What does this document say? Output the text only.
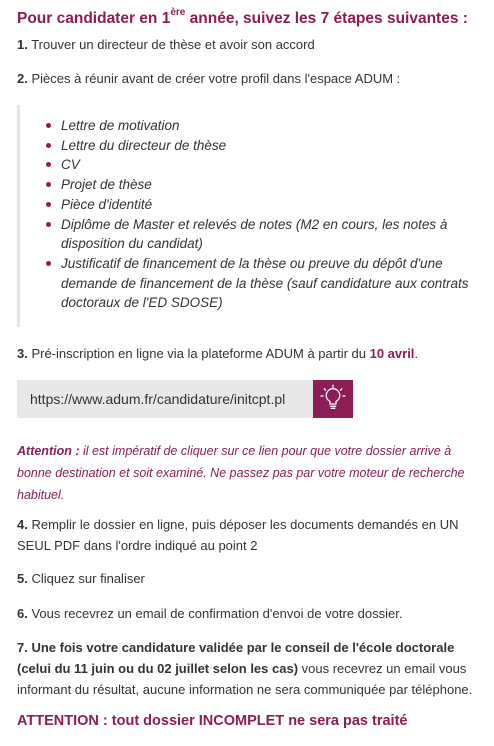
Pour candidater en 1ère année, suivez les 7 étapes suivantes :

1. Trouver un directeur de thèse et avoir son accord

2. Pièces à réunir avant de créer votre profil dans l'espace ADUM :

Lettre de motivation
Lettre du directeur de thèse
CV
Projet de thèse
Pièce d'identité
Diplôme de Master et relevés de notes (M2 en cours, les notes à disposition du candidat)
Justificatif de financement de la thèse ou preuve du dépôt d'une demande de financement de la thèse (sauf candidature aux contrats doctoraux de l'ED SDOSE)

3. Pré-inscription en ligne via la plateforme ADUM à partir du 10 avril.

https://www.adum.fr/candidature/initcpt.pl

Attention : il est impératif de cliquer sur ce lien pour que votre dossier arrive à bonne destination et soit examiné. Ne passez pas par votre moteur de recherche habituel.

4. Remplir le dossier en ligne, puis déposer les documents demandés en UN SEUL PDF dans l'ordre indiqué au point 2

5. Cliquez sur finaliser

6. Vous recevrez un email de confirmation d'envoi de votre dossier.

7. Une fois votre candidature validée par le conseil de l'école doctorale (celui du 11 juin ou du 02 juillet selon les cas) vous recevrez un email vous informant du résultat, aucune information ne sera communiquée par téléphone.

ATTENTION : tout dossier INCOMPLET ne sera pas traité
